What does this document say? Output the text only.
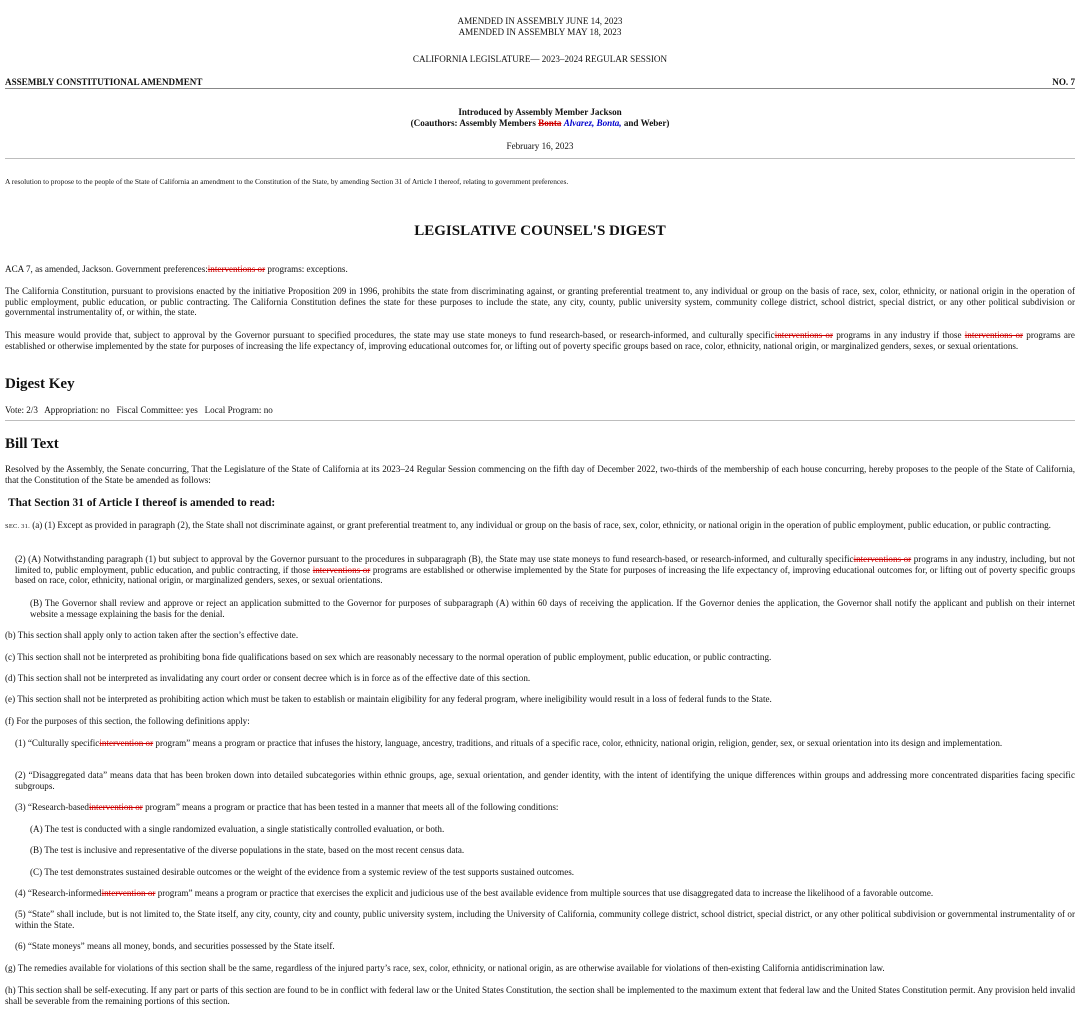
AMENDED IN ASSEMBLY JUNE 14, 2023
AMENDED IN ASSEMBLY MAY 18, 2023
CALIFORNIA LEGISLATURE— 2023–2024 REGULAR SESSION
ASSEMBLY CONSTITUTIONAL AMENDMENT	NO. 7
Introduced by Assembly Member Jackson
(Coauthors: Assembly Members Bonta Alvarez, Bonta, and Weber)
February 16, 2023
A resolution to propose to the people of the State of California an amendment to the Constitution of the State, by amending Section 31 of Article I thereof, relating to government preferences.
LEGISLATIVE COUNSEL'S DIGEST
ACA 7, as amended, Jackson. Government preferences:interventions or programs: exceptions.
The California Constitution, pursuant to provisions enacted by the initiative Proposition 209 in 1996, prohibits the state from discriminating against, or granting preferential treatment to, any individual or group on the basis of race, sex, color, ethnicity, or national origin in the operation of public employment, public education, or public contracting. The California Constitution defines the state for these purposes to include the state, any city, county, public university system, community college district, school district, special district, or any other political subdivision or governmental instrumentality of, or within, the state.
This measure would provide that, subject to approval by the Governor pursuant to specified procedures, the state may use state moneys to fund research-based, or research-informed, and culturally specificinterventions or programs in any industry if those interventions or programs are established or otherwise implemented by the state for purposes of increasing the life expectancy of, improving educational outcomes for, or lifting out of poverty specific groups based on race, color, ethnicity, national origin, or marginalized genders, sexes, or sexual orientations.
Digest Key
Vote: 2/3   Appropriation: no   Fiscal Committee: yes   Local Program: no
Bill Text
Resolved by the Assembly, the Senate concurring, That the Legislature of the State of California at its 2023–24 Regular Session commencing on the fifth day of December 2022, two-thirds of the membership of each house concurring, hereby proposes to the people of the State of California, that the Constitution of the State be amended as follows:
That Section 31 of Article I thereof is amended to read:
SEC. 31. (a) (1) Except as provided in paragraph (2), the State shall not discriminate against, or grant preferential treatment to, any individual or group on the basis of race, sex, color, ethnicity, or national origin in the operation of public employment, public education, or public contracting.
(2) (A) Notwithstanding paragraph (1) but subject to approval by the Governor pursuant to the procedures in subparagraph (B), the State may use state moneys to fund research-based, or research-informed, and culturally specificinterventions or programs in any industry, including, but not limited to, public employment, public education, and public contracting, if those interventions or programs are established or otherwise implemented by the State for purposes of increasing the life expectancy of, improving educational outcomes for, or lifting out of poverty specific groups based on race, color, ethnicity, national origin, or marginalized genders, sexes, or sexual orientations.
(B) The Governor shall review and approve or reject an application submitted to the Governor for purposes of subparagraph (A) within 60 days of receiving the application. If the Governor denies the application, the Governor shall notify the applicant and publish on their internet website a message explaining the basis for the denial.
(b) This section shall apply only to action taken after the section’s effective date.
(c) This section shall not be interpreted as prohibiting bona fide qualifications based on sex which are reasonably necessary to the normal operation of public employment, public education, or public contracting.
(d) This section shall not be interpreted as invalidating any court order or consent decree which is in force as of the effective date of this section.
(e) This section shall not be interpreted as prohibiting action which must be taken to establish or maintain eligibility for any federal program, where ineligibility would result in a loss of federal funds to the State.
(f) For the purposes of this section, the following definitions apply:
(1) “Culturally specificintervention or program” means a program or practice that infuses the history, language, ancestry, traditions, and rituals of a specific race, color, ethnicity, national origin, religion, gender, sex, or sexual orientation into its design and implementation.
(2) “Disaggregated data” means data that has been broken down into detailed subcategories within ethnic groups, age, sexual orientation, and gender identity, with the intent of identifying the unique differences within groups and addressing more concentrated disparities facing specific subgroups.
(3) “Research-basedintervention or program” means a program or practice that has been tested in a manner that meets all of the following conditions:
(A) The test is conducted with a single randomized evaluation, a single statistically controlled evaluation, or both.
(B) The test is inclusive and representative of the diverse populations in the state, based on the most recent census data.
(C) The test demonstrates sustained desirable outcomes or the weight of the evidence from a systemic review of the test supports sustained outcomes.
(4) “Research-informedintervention or program” means a program or practice that exercises the explicit and judicious use of the best available evidence from multiple sources that use disaggregated data to increase the likelihood of a favorable outcome.
(5) “State” shall include, but is not limited to, the State itself, any city, county, city and county, public university system, including the University of California, community college district, school district, special district, or any other political subdivision or governmental instrumentality of or within the State.
(6) “State moneys” means all money, bonds, and securities possessed by the State itself.
(g) The remedies available for violations of this section shall be the same, regardless of the injured party’s race, sex, color, ethnicity, or national origin, as are otherwise available for violations of then-existing California antidiscrimination law.
(h) This section shall be self-executing. If any part or parts of this section are found to be in conflict with federal law or the United States Constitution, the section shall be implemented to the maximum extent that federal law and the United States Constitution permit. Any provision held invalid shall be severable from the remaining portions of this section.
